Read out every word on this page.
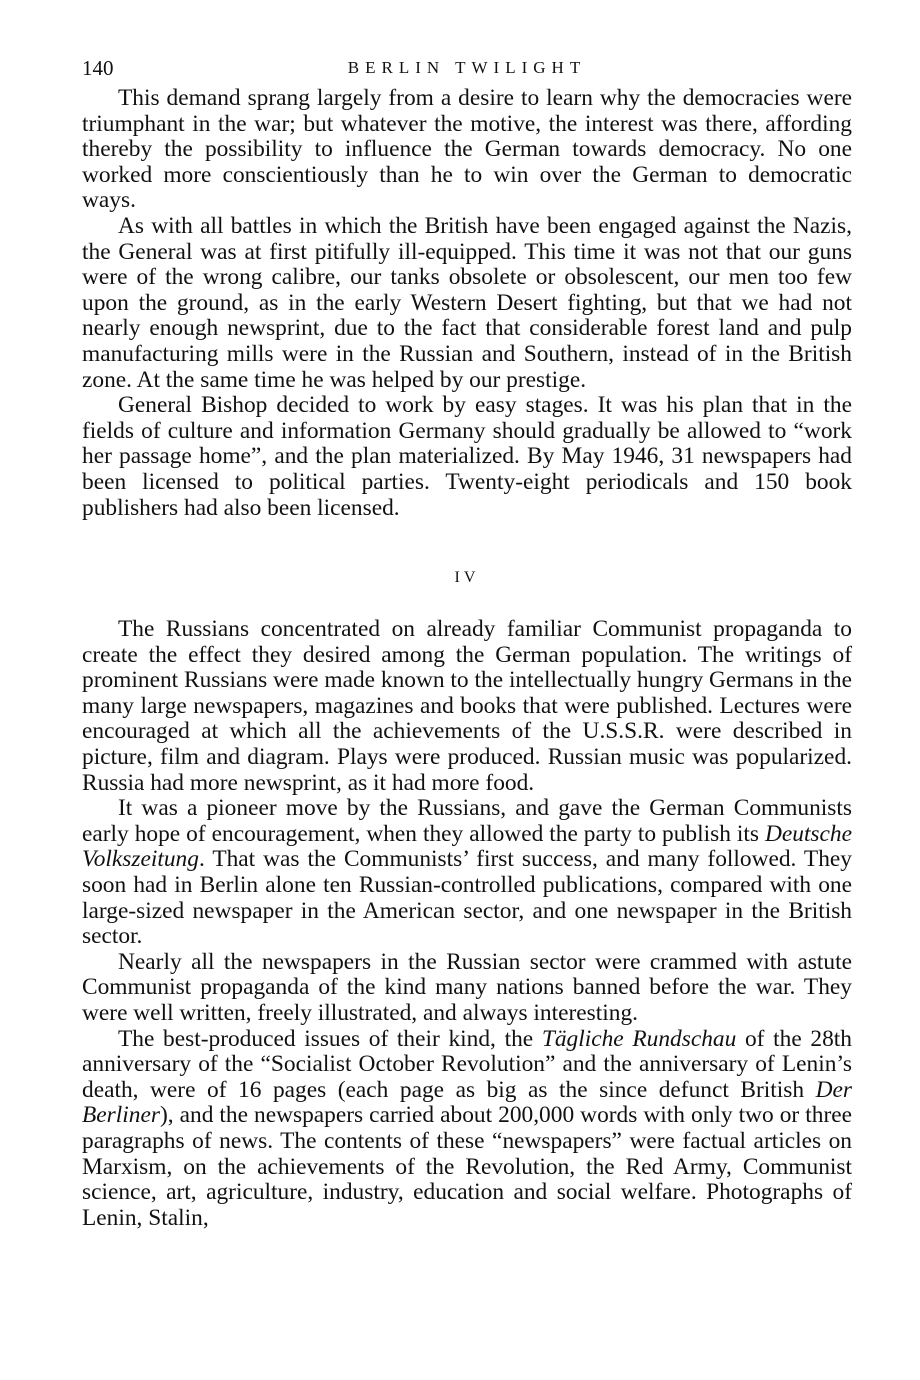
140	BERLIN TWILIGHT

This demand sprang largely from a desire to learn why the democracies were triumphant in the war; but whatever the motive, the interest was there, affording thereby the possibility to influence the German towards democracy. No one worked more conscientiously than he to win over the German to democratic ways.

As with all battles in which the British have been engaged against the Nazis, the General was at first pitifully ill-equipped. This time it was not that our guns were of the wrong calibre, our tanks obsolete or obsolescent, our men too few upon the ground, as in the early Western Desert fighting, but that we had not nearly enough newsprint, due to the fact that considerable forest land and pulp manufacturing mills were in the Russian and Southern, instead of in the British zone. At the same time he was helped by our prestige.

General Bishop decided to work by easy stages. It was his plan that in the fields of culture and information Germany should gradually be allowed to “work her passage home”, and the plan materialized. By May 1946, 31 newspapers had been licensed to political parties. Twenty-eight periodicals and 150 book publishers had also been licensed.

IV

The Russians concentrated on already familiar Communist propaganda to create the effect they desired among the German population. The writings of prominent Russians were made known to the intellectually hungry Germans in the many large newspapers, magazines and books that were published. Lectures were encouraged at which all the achievements of the U.S.S.R. were described in picture, film and diagram. Plays were produced. Russian music was popularized. Russia had more newsprint, as it had more food.

It was a pioneer move by the Russians, and gave the German Communists early hope of encouragement, when they allowed the party to publish its Deutsche Volkszeitung. That was the Communists’ first success, and many followed. They soon had in Berlin alone ten Russian-controlled publications, compared with one large-sized newspaper in the American sector, and one newspaper in the British sector.

Nearly all the newspapers in the Russian sector were crammed with astute Communist propaganda of the kind many nations banned before the war. They were well written, freely illustrated, and always interesting.

The best-produced issues of their kind, the Tägliche Rundschau of the 28th anniversary of the “Socialist October Revolution” and the anniversary of Lenin’s death, were of 16 pages (each page as big as the since defunct British Der Berliner), and the newspapers carried about 200,000 words with only two or three paragraphs of news. The contents of these “newspapers” were factual articles on Marxism, on the achievements of the Revolution, the Red Army, Communist science, art, agriculture, industry, education and social welfare. Photographs of Lenin, Stalin,
